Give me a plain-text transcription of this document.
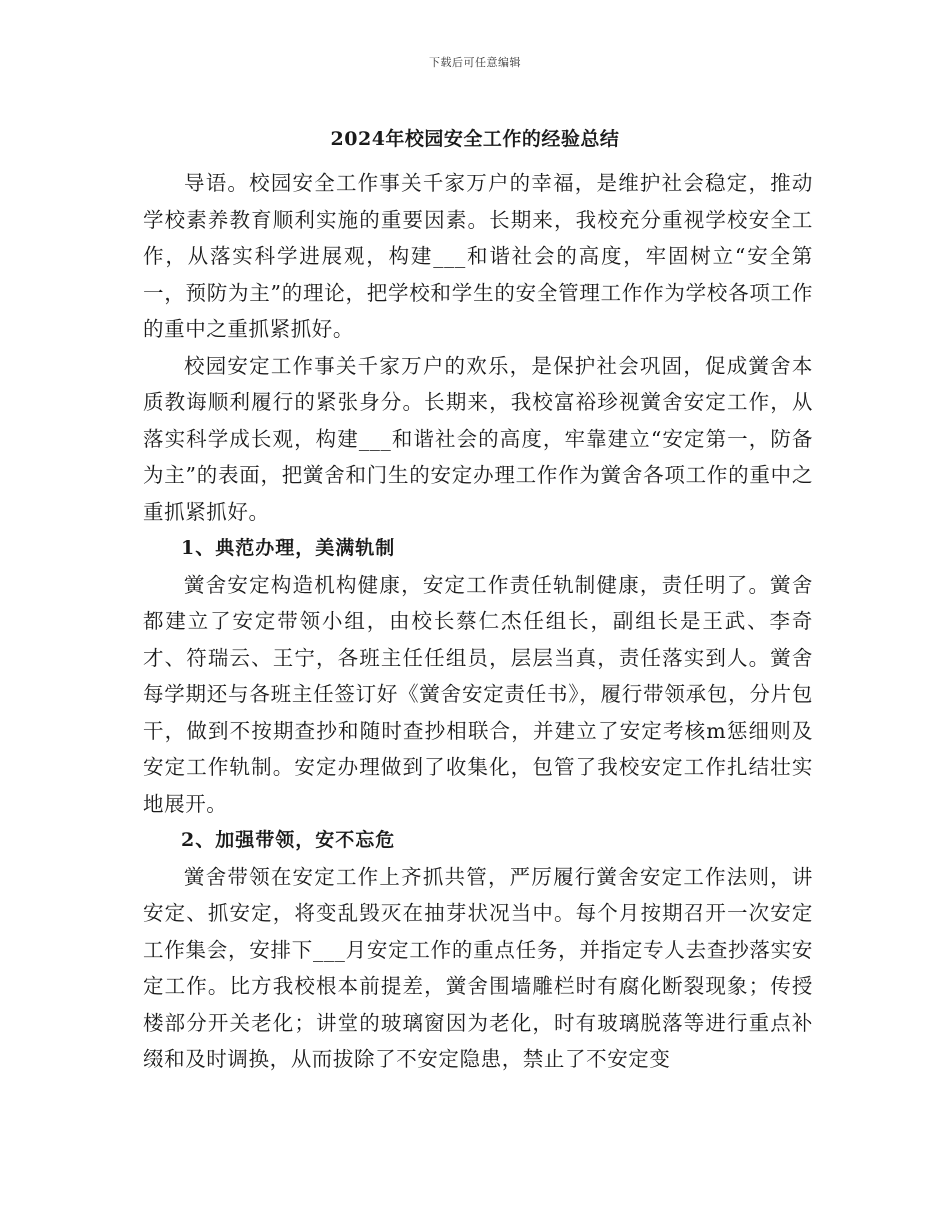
下载后可任意编辑
2024年校园安全工作的经验总结

导语。校园安全工作事关千家万户的幸福，是维护社会稳定，推动学校素养教育顺利实施的重要因素。长期来，我校充分重视学校安全工作，从落实科学进展观，构建___和谐社会的高度，牢固树立“安全第一，预防为主”的理论，把学校和学生的安全管理工作作为学校各项工作的重中之重抓紧抓好。

校园安定工作事关千家万户的欢乐，是保护社会巩固，促成黉舍本质教诲顺利履行的紧张身分。长期来，我校富裕珍视黉舍安定工作，从落实科学成长观，构建___和谐社会的高度，牢靠建立“安定第一，防备为主”的表面，把黉舍和门生的安定办理工作作为黉舍各项工作的重中之重抓紧抓好。

1、典范办理，美满轨制

黉舍安定构造机构健康，安定工作责任轨制健康，责任明了。黉舍都建立了安定带领小组，由校长蔡仁杰任组长，副组长是王武、李奇才、符瑞云、王宁，各班主任任组员，层层当真，责任落实到人。黉舍每学期还与各班主任签订好《黉舍安定责任书》，履行带领承包，分片包干，做到不按期查抄和随时查抄相联合，并建立了安定考核m惩细则及安定工作轨制。安定办理做到了收集化，包管了我校安定工作扎结壮实地展开。

2、加强带领，安不忘危

黉舍带领在安定工作上齐抓共管，严厉履行黉舍安定工作法则，讲安定、抓安定，将变乱毁灭在抽芽状况当中。每个月按期召开一次安定工作集会，安排下___月安定工作的重点任务，并指定专人去查抄落实安定工作。比方我校根本前提差，黉舍围墙雕栏时有腐化断裂现象；传授楼部分开关老化；讲堂的玻璃窗因为老化，时有玻璃脱落等进行重点补缀和及时调换，从而拔除了不安定隐患，禁止了不安定变
